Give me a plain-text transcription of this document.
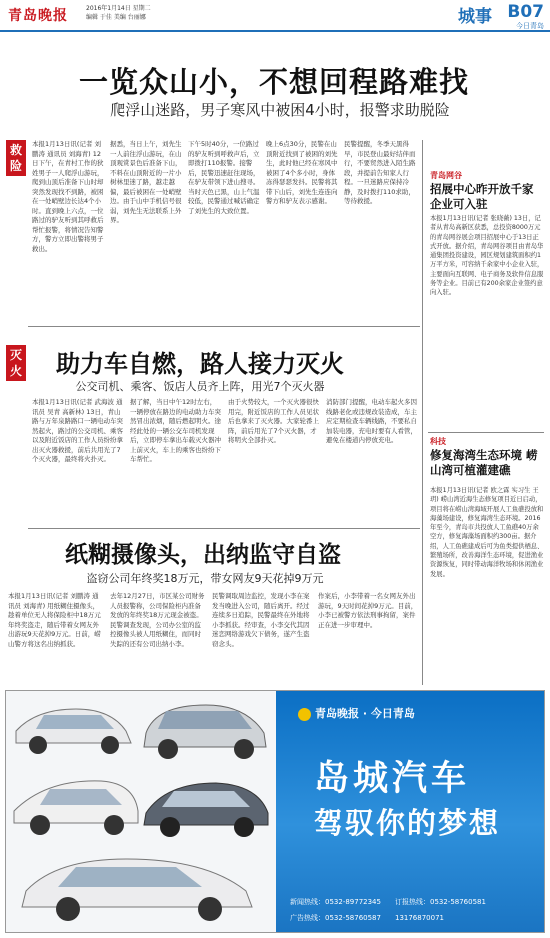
青岛晚报	2016年1月14日 星期二
编辑 于佳 美编 台丽娜	城事 B07
今日青岛
救
险
一览众山小，不想回程路难找
爬浮山迷路，男子寒风中被困4小时，报警求助脱险

本报1月13日讯(记者 刘鹏涛 通讯员 刘海青) 12日下午，在青村工作的狄姓男子一人爬浮山游玩，爬到山顶后准备下山时却突然发现找不到路，被困在一处峭壁边长达4个小时。直到晚上六点，一位路过的驴友听到其呼救后帮忙报警，将情况告知警方，警方立即出警将男子救出。

据悉，当日上午，刘先生一人前往浮山游玩，在山顶观赏景色后准备下山，不料在山顶附近的一片小树林里迷了路，越走越偏，最后被困在一处峭壁边。由于山中手机信号很弱，刘先生无法联系上外界。

下午5时40分，一位路过的驴友听到呼救声后，立即拨打110报警。接警后，民警迅速赶往现场，在驴友带领下进山搜寻。当时天色已黑，山上气温较低，民警通过喊话确定了刘先生的大致位置。

晚上6点30分，民警在山顶附近找到了被困的刘先生，此时他已经在寒风中被困了4个多小时，身体冻得瑟瑟发抖。民警将其带下山后，刘先生连连向警方和驴友表示感谢。

民警提醒，冬季天黑得早，市民登山最好结伴而行，不要贸然进入陌生路段，并提前告知家人行程。一旦迷路应保持冷静，及时拨打110求助，等待救援。

灭
火	助力车自燃，路人接力灭火
公交司机、乘客、饭店人员齐上阵，用光7个灭火器

本报1月13日讯(记者 武海波 通讯员 吴青 高新林) 13日，青山路与万年泉路路口一辆电动车突然起火，路过的公交司机、乘客以及附近饭店的工作人员纷纷拿出灭火器救援，前后共用光了7个灭火器，最终将火扑灭。

据了解，当日中午12时左右，一辆停放在路边的电动助力车突然冒出浓烟，随后燃起明火。途经此处的一辆公交车司机发现后，立即停车拿出车载灭火器冲上前灭火，车上的乘客也纷纷下车帮忙。

由于火势较大，一个灭火器很快用完，附近饭店的工作人员见状后也拿来了灭火器。大家轮番上阵，前后用光了7个灭火器，才将明火全部扑灭。

消防部门提醒，电动车起火多因线路老化或违规改装造成，车主应定期检查车辆线路，不要私自加装电器，充电时要有人看管，避免在楼道内停放充电。

纸糊摄像头，出纳监守自盗
盗窃公司年终奖18万元，带女网友9天花掉9万元

本报1月13日讯(记者 刘鹏涛 通讯员 刘海青) 用纸糊住摄像头，趁着单位无人将保险柜中18万元年终奖盗走，随后带着女网友外出游玩9天花掉9万元。日前，崂山警方将这名出纳抓获。

去年12月27日，市区某公司财务人员报警称，公司保险柜内准备发放的年终奖18万元现金被盗。民警调查发现，公司办公室的监控摄像头被人用纸糊住，而同时失踪的还有公司出纳小李。

民警调取周边监控，发现小李在案发当晚进入公司，随后离开。经过连续多日追踪，民警最终在外地将小李抓获。经审查，小李交代其因迷恋网络游戏欠下债务，遂产生盗窃念头。

作案后，小李带着一名女网友外出游玩，9天时间花掉9万元。目前，小李已被警方依法刑事拘留，案件正在进一步审理中。

青岛网谷
招展中心昨开放千家企业可入驻
本报1月13日讯(记者 张晓薇) 13日，记者从青岛高新区获悉，总投资8000万元的青岛网谷展会项目招展中心于13日正式开放。据介绍，青岛网谷项目由青岛华通集团投资建设，园区规划建筑面积约1万平方米，可容纳千余家中小企业入驻，主要面向互联网、电子商务及软件信息服务等企业。目前已有200余家企业签约意向入驻。
科技
修复海湾生态环境 崂山湾可植灌建礁
本报1月13日讯(记者 欧之霖 实习生 王玥) 崂山湾近海生态修复项目近日启动，项目将在崂山湾海域开展人工鱼礁投放和海藻场建设，修复海湾生态环境。2016年至今，青岛市共投放人工鱼礁40万余空方，修复海藻场面积约300亩。据介绍，人工鱼礁建成后可为鱼类提供栖息、繁殖场所，改善海洋生态环境，促进渔业资源恢复，同时带动海洋牧场和休闲渔业发展。
青岛晚报 · 今日青岛
岛城汽车
驾驭你的梦想
新闻热线：0532-89772345 订报热线：0532-58760581
广告热线：0532-58760587 13176870071
